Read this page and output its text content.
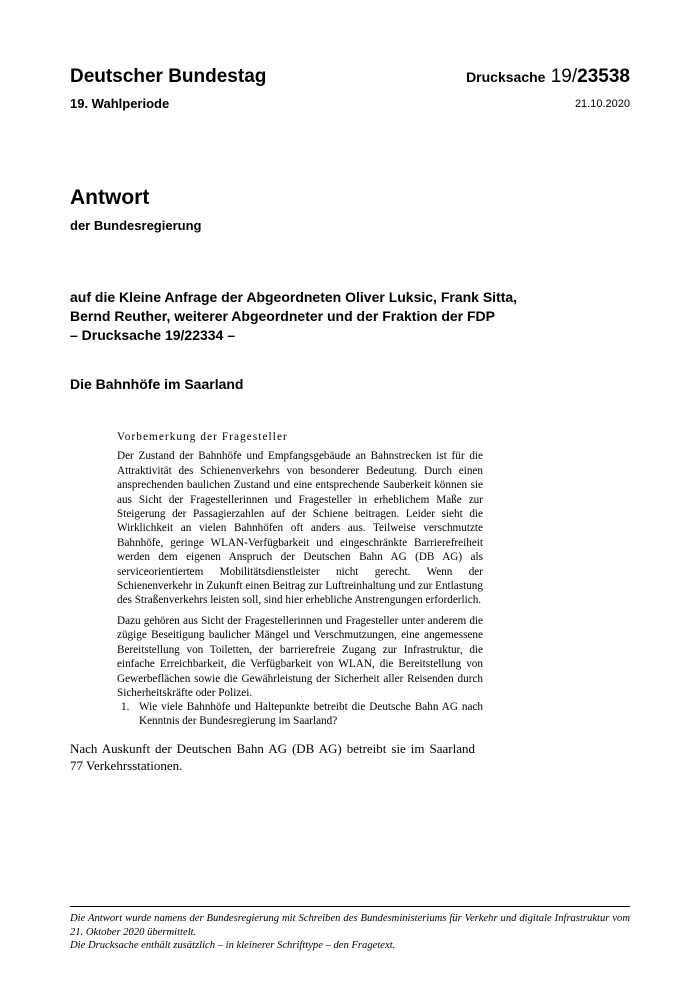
Deutscher Bundestag
19. Wahlperiode
Drucksache 19/23538
21.10.2020
Antwort
der Bundesregierung
auf die Kleine Anfrage der Abgeordneten Oliver Luksic, Frank Sitta,
Bernd Reuther, weiterer Abgeordneter und der Fraktion der FDP
– Drucksache 19/22334 –
Die Bahnhöfe im Saarland
Vorbemerkung der Fragesteller

Der Zustand der Bahnhöfe und Empfangsgebäude an Bahnstrecken ist für die Attraktivität des Schienenverkehrs von besonderer Bedeutung. Durch einen ansprechenden baulichen Zustand und eine entsprechende Sauberkeit können sie aus Sicht der Fragestellerinnen und Fragesteller in erheblichem Maße zur Steigerung der Passagierzahlen auf der Schiene beitragen. Leider sieht die Wirklichkeit an vielen Bahnhöfen oft anders aus. Teilweise verschmutzte Bahnhöfe, geringe WLAN-Verfügbarkeit und eingeschränkte Barrierefreiheit werden dem eigenen Anspruch der Deutschen Bahn AG (DB AG) als serviceorientiertem Mobilitätsdienstleister nicht gerecht. Wenn der Schienenverkehr in Zukunft einen Beitrag zur Luftreinhaltung und zur Entlastung des Straßenverkehrs leisten soll, sind hier erhebliche Anstrengungen erforderlich.

Dazu gehören aus Sicht der Fragestellerinnen und Fragesteller unter anderem die zügige Beseitigung baulicher Mängel und Verschmutzungen, eine angemessene Bereitstellung von Toiletten, der barrierefreie Zugang zur Infrastruktur, die einfache Erreichbarkeit, die Verfügbarkeit von WLAN, die Bereitstellung von Gewerbeflächen sowie die Gewährleistung der Sicherheit aller Reisenden durch Sicherheitskräfte oder Polizei.

1. Wie viele Bahnhöfe und Haltepunkte betreibt die Deutsche Bahn AG nach Kenntnis der Bundesregierung im Saarland?
Nach Auskunft der Deutschen Bahn AG (DB AG) betreibt sie im Saarland
77 Verkehrsstationen.

Die Antwort wurde namens der Bundesregierung mit Schreiben des Bundesministeriums für Verkehr und digitale Infrastruktur vom 21. Oktober 2020 übermittelt.

Die Drucksache enthält zusätzlich – in kleinerer Schrifttype – den Fragetext.
